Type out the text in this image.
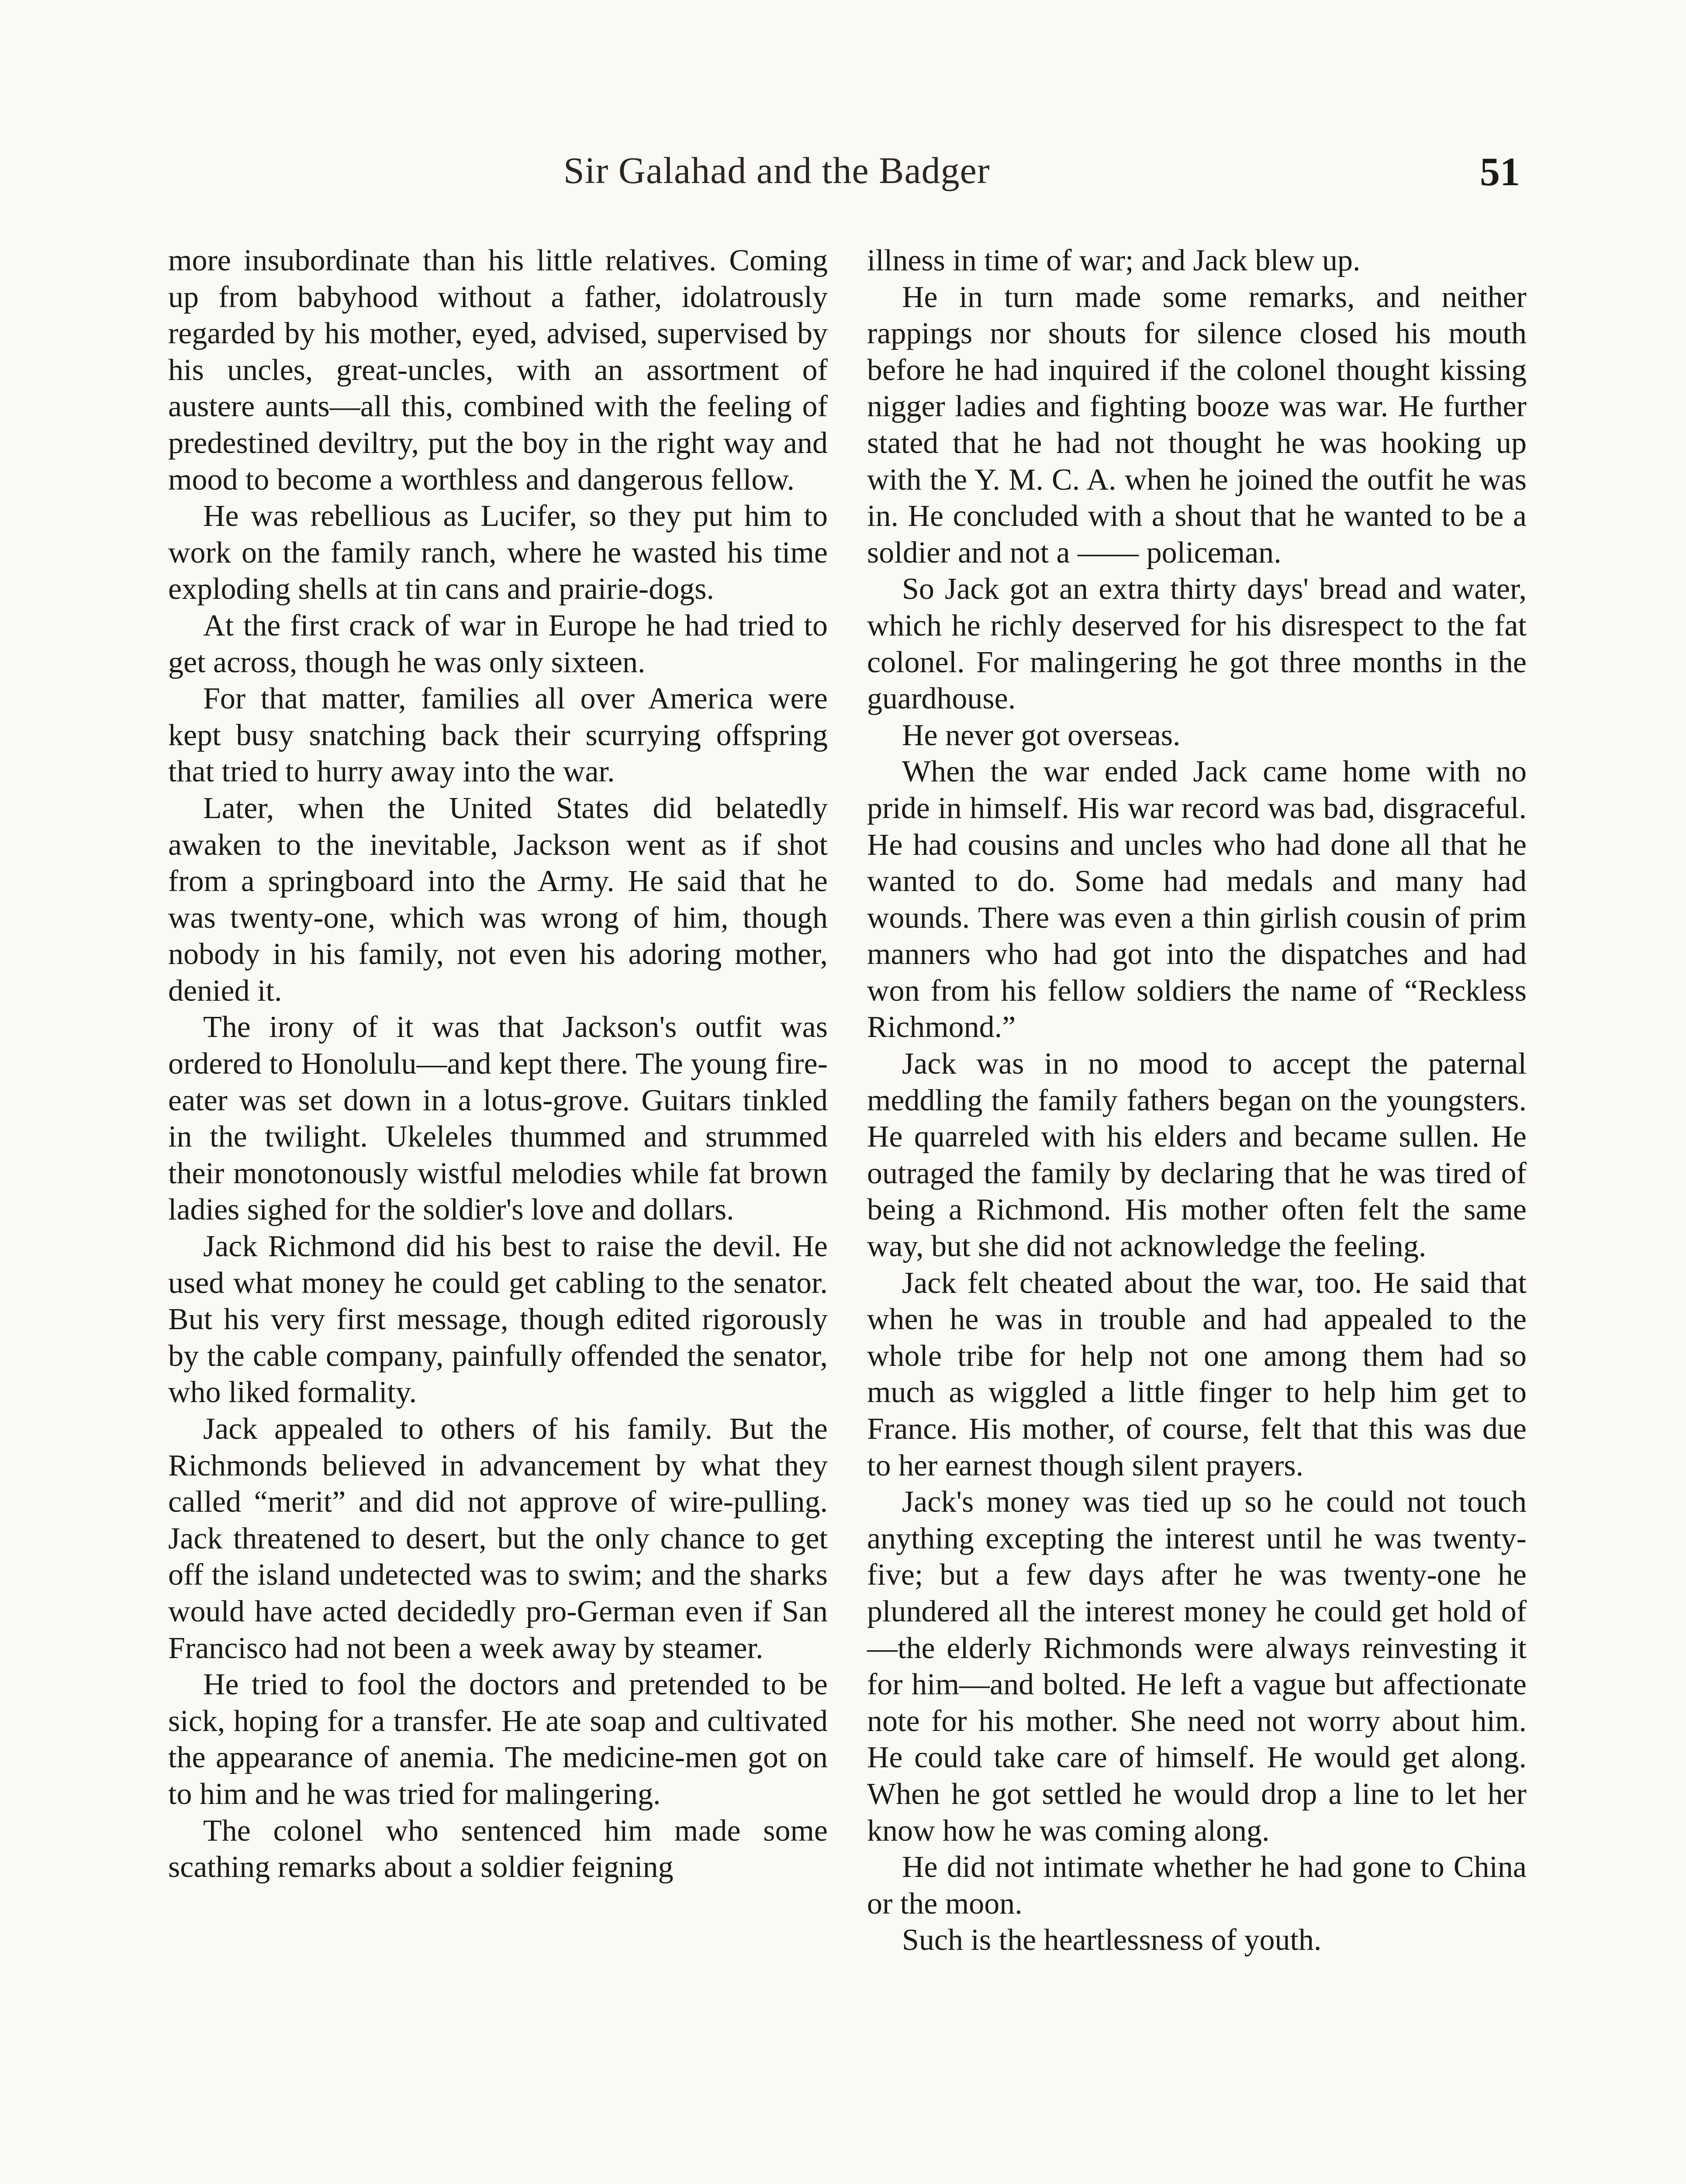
Sir Galahad and the Badger	51

more insubordinate than his little relatives. Coming up from babyhood without a father, idolatrously regarded by his mother, eyed, advised, supervised by his uncles, great-uncles, with an assortment of austere aunts—all this, combined with the feeling of predestined deviltry, put the boy in the right way and mood to become a worthless and dangerous fellow.

He was rebellious as Lucifer, so they put him to work on the family ranch, where he wasted his time exploding shells at tin cans and prairie-dogs.

At the first crack of war in Europe he had tried to get across, though he was only sixteen.

For that matter, families all over America were kept busy snatching back their scurrying offspring that tried to hurry away into the war.

Later, when the United States did belatedly awaken to the inevitable, Jackson went as if shot from a springboard into the Army. He said that he was twenty-one, which was wrong of him, though nobody in his family, not even his adoring mother, denied it.

The irony of it was that Jackson's outfit was ordered to Honolulu—and kept there. The young fire-eater was set down in a lotus-grove. Guitars tinkled in the twilight. Ukeleles thummed and strummed their monotonously wistful melodies while fat brown ladies sighed for the soldier's love and dollars.

Jack Richmond did his best to raise the devil. He used what money he could get cabling to the senator. But his very first message, though edited rigorously by the cable company, painfully offended the senator, who liked formality.

Jack appealed to others of his family. But the Richmonds believed in advancement by what they called “merit” and did not approve of wire-pulling. Jack threatened to desert, but the only chance to get off the island undetected was to swim; and the sharks would have acted decidedly pro-German even if San Francisco had not been a week away by steamer.

He tried to fool the doctors and pretended to be sick, hoping for a transfer. He ate soap and cultivated the appearance of anemia. The medicine-men got on to him and he was tried for malingering.

The colonel who sentenced him made some scathing remarks about a soldier feigning

illness in time of war; and Jack blew up.

He in turn made some remarks, and neither rappings nor shouts for silence closed his mouth before he had inquired if the colonel thought kissing nigger ladies and fighting booze was war. He further stated that he had not thought he was hooking up with the Y. M. C. A. when he joined the outfit he was in. He concluded with a shout that he wanted to be a soldier and not a —— policeman.

So Jack got an extra thirty days' bread and water, which he richly deserved for his disrespect to the fat colonel. For malingering he got three months in the guardhouse.

He never got overseas.

When the war ended Jack came home with no pride in himself. His war record was bad, disgraceful. He had cousins and uncles who had done all that he wanted to do. Some had medals and many had wounds. There was even a thin girlish cousin of prim manners who had got into the dispatches and had won from his fellow soldiers the name of “Reckless Richmond.”

Jack was in no mood to accept the paternal meddling the family fathers began on the youngsters. He quarreled with his elders and became sullen. He outraged the family by declaring that he was tired of being a Richmond. His mother often felt the same way, but she did not acknowledge the feeling.

Jack felt cheated about the war, too. He said that when he was in trouble and had appealed to the whole tribe for help not one among them had so much as wiggled a little finger to help him get to France. His mother, of course, felt that this was due to her earnest though silent prayers.

Jack's money was tied up so he could not touch anything excepting the interest until he was twenty-five; but a few days after he was twenty-one he plundered all the interest money he could get hold of—the elderly Richmonds were always reinvesting it for him—and bolted. He left a vague but affectionate note for his mother. She need not worry about him. He could take care of himself. He would get along. When he got settled he would drop a line to let her know how he was coming along.

He did not intimate whether he had gone to China or the moon.

Such is the heartlessness of youth.
